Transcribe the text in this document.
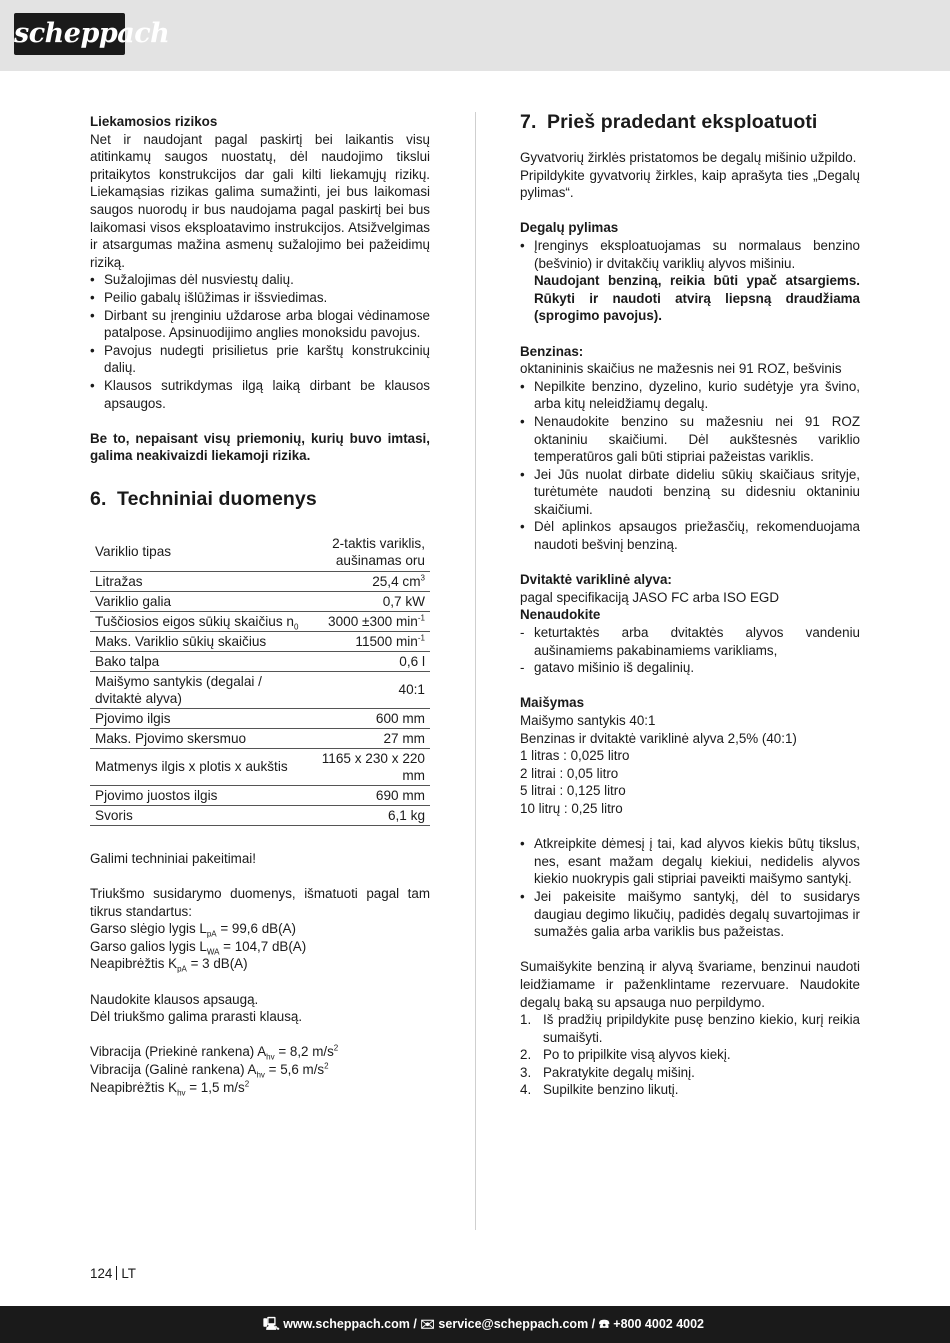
scheppach

Liekamosios rizikos

Net ir naudojant pagal paskirtį bei laikantis visų atitinkamų saugos nuostatų, dėl naudojimo tikslui pritaikytos konstrukcijos dar gali kilti liekamųjų rizikų. Liekamąsias rizikas galima sumažinti, jei bus laikomasi saugos nuorodų ir bus naudojama pagal paskirtį bei bus laikomasi visos eksploatavimo instrukcijos. Atsižvelgimas ir atsargumas mažina asmenų sužalojimo bei pažeidimų riziką.

• Sužalojimas dėl nusviestų dalių.
• Peilio gabalų išlūžimas ir išsviedimas.
• Dirbant su įrenginiu uždarose arba blogai vėdinamose patalpose. Apsinuodijimo anglies monoksidu pavojus.
• Pavojus nudegti prisilietus prie karštų konstrukcinių dalių.
• Klausos sutrikdymas ilgą laiką dirbant be klausos apsaugos.

Be to, nepaisant visų priemonių, kurių buvo imtasi, galima neakivaizdi liekamoji rizika.

6. Techniniai duomenys
Variklio tipas	2-taktis variklis, aušinamas oru
Litražas	25,4 $cm^3$
Variklio galia	0,7 kW
Tuščiosios eigos sūkių skaičius $n_0$	3000 ±300 $\min^{-1}$
Maks. Variklio sūkių skaičius	11500 $\min^{-1}$
Bako talpa	0,6 l
Maišymo santykis (degalai / dvitaktė alyva)	40:1
Pjovimo ilgis	600 mm
Maks. Pjovimo skersmuo	27 mm
Matmenys ilgis x plotis x aukštis	1165 x 230 x 220 mm
Pjovimo juostos ilgis	690 mm
Svoris	6,1 kg

Galimi techniniai pakeitimai!

Triukšmo susidarymo duomenys, išmatuoti pagal tam tikrus standartus:

Garso slėgio lygis $L_{pA} = 99,6$ dB(A)

Garso galios lygis $L_{WA} = 104,7$ dB(A)

Neapibrėžtis $K_{pA} = 3$ dB(A)

Naudokite klausos apsaugą.

Dėl triukšmo galima prarasti klausą.

Vibracija (Priekinė rankena) $A_{hv} = 8,2$ $m/s^2$

Vibracija (Galinė rankena) $A_{hv} = 5,6$ $m/s^2$

Neapibrėžtis $K_{hv} = 1,5$ $m/s^2$

7. Prieš pradedant eksploatuoti

Gyvatvorių žirklės pristatomos be degalų mišinio užpildo.

Pripildykite gyvatvorių žirkles, kaip aprašyta ties „Degalų pylimas“.

Degalų pylimas

• Įrenginys eksploatuojamas su normalaus benzino (bešvinio) ir dvitakčių variklių alyvos mišiniu.
Naudojant benziną, reikia būti ypač atsargiems. Rūkyti ir naudoti atvirą liepsną draudžiama (sprogimo pavojus).

Benzinas:

oktanininis skaičius ne mažesnis nei 91 ROZ, bešvinis

• Nepilkite benzino, dyzelino, kurio sudėtyje yra švino, arba kitų neleidžiamų degalų.
• Nenaudokite benzino su mažesniu nei 91 ROZ oktaniniu skaičiumi. Dėl aukštesnės variklio temperatūros gali būti stipriai pažeistas variklis.
• Jei Jūs nuolat dirbate dideliu sūkių skaičiaus srityje, turėtumėte naudoti benziną su didesniu oktaniniu skaičiumi.
• Dėl aplinkos apsaugos priežasčių, rekomenduojama naudoti bešvinį benziną.

Dvitaktė variklinė alyva:

pagal specifikaciją JASO FC arba ISO EGD

Nenaudokite

- keturtaktės arba dvitaktės alyvos vandeniu aušinamiems pakabinamiems varikliams,
- gatavo mišinio iš degalinių.

Maišymas

Maišymo santykis 40:1

Benzinas ir dvitaktė variklinė alyva 2,5% (40:1)

1 litras : 0,025 litro

2 litrai : 0,05 litro

5 litrai : 0,125 litro

10 litrų : 0,25 litro

• Atkreipkite dėmesį į tai, kad alyvos kiekis būtų tikslus, nes, esant mažam degalų kiekiui, nedidelis alyvos kiekio nuokrypis gali stipriai paveikti maišymo santykį.
• Jei pakeisite maišymo santykį, dėl to susidarys daugiau degimo likučių, padidės degalų suvartojimas ir sumažės galia arba variklis bus pažeistas.

Sumaišykite benziną ir alyvą švariame, benzinui naudoti leidžiamame ir paženklintame rezervuare. Naudokite degalų baką su apsauga nuo perpildymo.

1. Iš pradžių pripildykite pusę benzino kiekio, kurį reikia sumaišyti.
2. Po to pripilkite visą alyvos kiekį.
3. Pakratykite degalų mišinį.
4. Supilkite benzino likutį.
124 LT
🖳 www.scheppach.com / ✉ service@scheppach.com / ☎ +800 4002 4002
